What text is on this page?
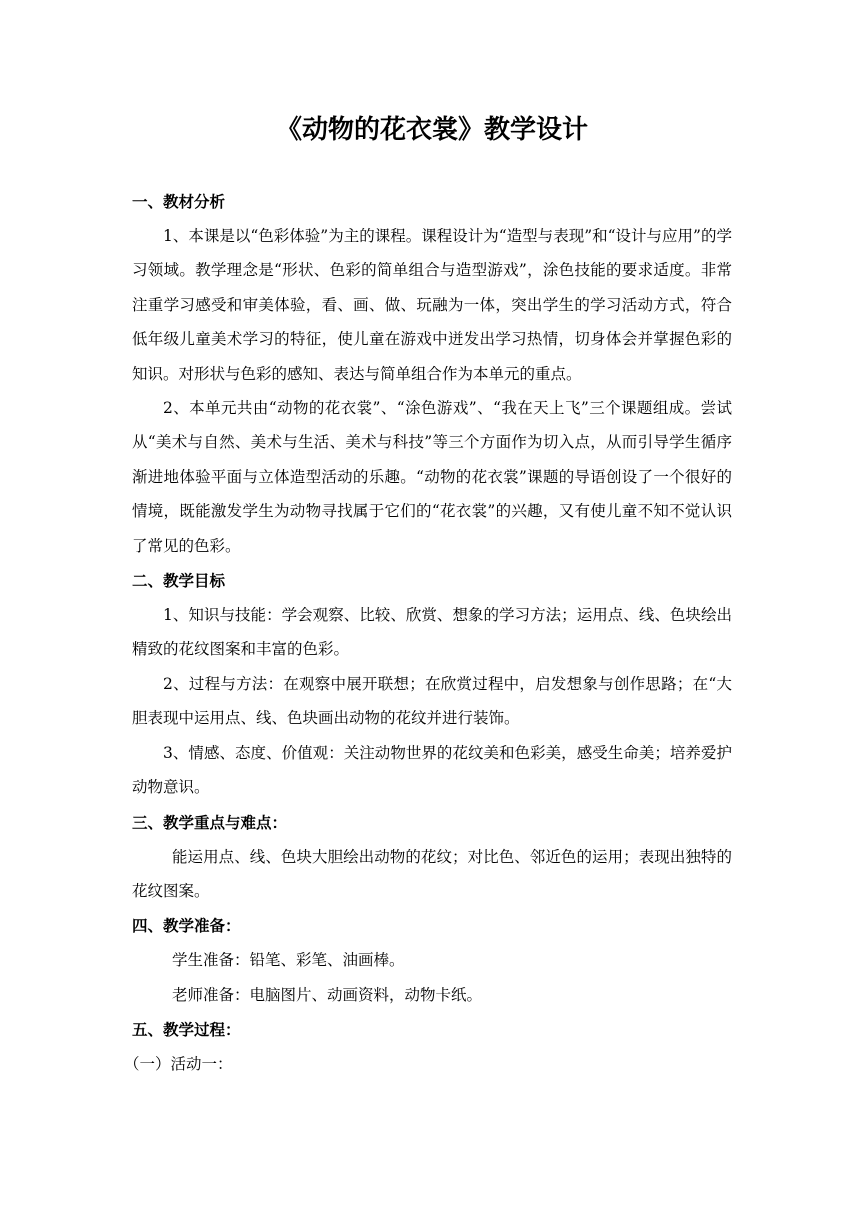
《动物的花衣裳》教学设计
一、教材分析

1、本课是以“色彩体验”为主的课程。课程设计为“造型与表现”和“设计与应用”的学习领域。教学理念是“形状、色彩的简单组合与造型游戏”，涂色技能的要求适度。非常注重学习感受和审美体验，看、画、做、玩融为一体，突出学生的学习活动方式，符合低年级儿童美术学习的特征，使儿童在游戏中迸发出学习热情，切身体会并掌握色彩的知识。对形状与色彩的感知、表达与简单组合作为本单元的重点。

2、本单元共由“动物的花衣裳”、“涂色游戏”、“我在天上飞”三个课题组成。尝试从“美术与自然、美术与生活、美术与科技”等三个方面作为切入点，从而引导学生循序渐进地体验平面与立体造型活动的乐趣。“动物的花衣裳”课题的导语创设了一个很好的情境，既能激发学生为动物寻找属于它们的“花衣裳”的兴趣，又有使儿童不知不觉认识了常见的色彩。

二、教学目标

1、知识与技能：学会观察、比较、欣赏、想象的学习方法；运用点、线、色块绘出精致的花纹图案和丰富的色彩。

2、过程与方法：在观察中展开联想；在欣赏过程中，启发想象与创作思路；在“大胆表现中运用点、线、色块画出动物的花纹并进行装饰。

3、情感、态度、价值观：关注动物世界的花纹美和色彩美，感受生命美；培养爱护动物意识。

三、教学重点与难点：

能运用点、线、色块大胆绘出动物的花纹；对比色、邻近色的运用；表现出独特的花纹图案。

四、教学准备：
学生准备：铅笔、彩笔、油画棒。
老师准备：电脑图片、动画资料，动物卡纸。
五、教学过程：
（一）活动一：
